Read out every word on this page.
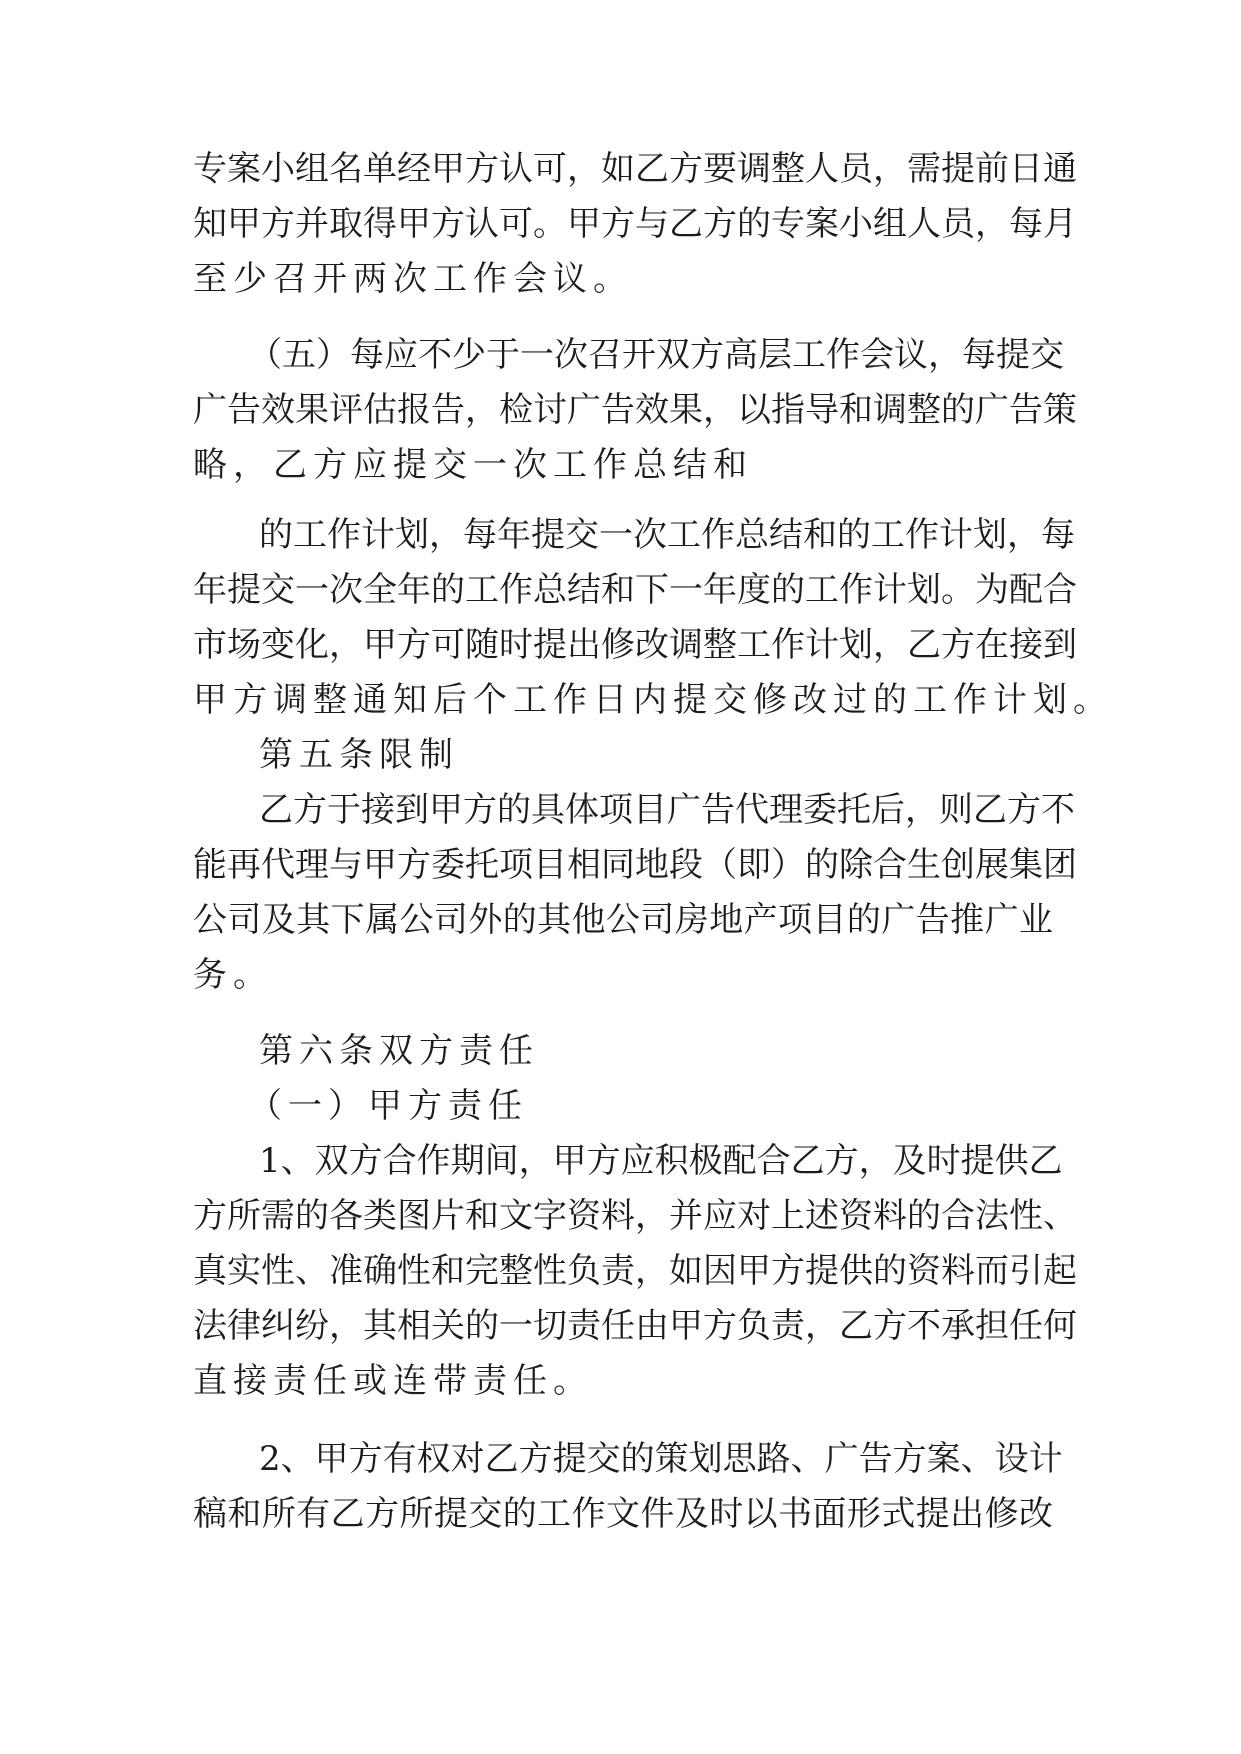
专案小组名单经甲方认可，如乙方要调整人员，需提前日通
知甲方并取得甲方认可。甲方与乙方的专案小组人员，每月
至少召开两次工作会议。
（五）每应不少于一次召开双方高层工作会议，每提交
广告效果评估报告，检讨广告效果，以指导和调整的广告策
略，乙方应提交一次工作总结和
的工作计划，每年提交一次工作总结和的工作计划，每
年提交一次全年的工作总结和下一年度的工作计划。为配合
市场变化，甲方可随时提出修改调整工作计划，乙方在接到
甲方调整通知后个工作日内提交修改过的工作计划。
第五条限制
乙方于接到甲方的具体项目广告代理委托后，则乙方不
能再代理与甲方委托项目相同地段（即）的除合生创展集团
公司及其下属公司外的其他公司房地产项目的广告推广业
务。
第六条双方责任
（一）甲方责任
1、双方合作期间，甲方应积极配合乙方，及时提供乙
方所需的各类图片和文字资料，并应对上述资料的合法性、
真实性、准确性和完整性负责，如因甲方提供的资料而引起
法律纠纷，其相关的一切责任由甲方负责，乙方不承担任何
直接责任或连带责任。
2、甲方有权对乙方提交的策划思路、广告方案、设计
稿和所有乙方所提交的工作文件及时以书面形式提出修改
